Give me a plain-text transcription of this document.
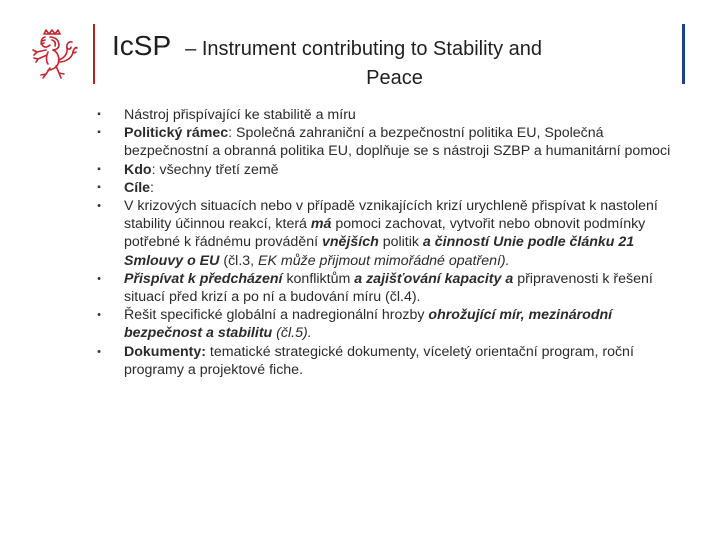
IcSP – Instrument contributing to Stability and
Peace
▪
Nástroj přispívající ke stabilitě a míru
▪
Politický rámec: Společná zahraniční a bezpečnostní politika EU, Společná bezpečnostní a obranná politika EU, doplňuje se s nástroji SZBP a humanitární pomoci
▪
Kdo: všechny třetí země
▪
Cíle:
•
V krizových situacích nebo v případě vznikajících krizí urychleně přispívat k nastolení stability účinnou reakcí, která má pomoci zachovat, vytvořit nebo obnovit podmínky potřebné k řádnému provádění vnějších politik a činností Unie podle článku 21 Smlouvy o EU (čl.3, EK může přijmout mimořádné opatření).
•
Přispívat k předcházení konfliktům a zajišťování kapacity a připravenosti k řešení situací před krizí a po ní a budování míru (čl.4).
•
Řešit specifické globální a nadregionální hrozby ohrožující mír, mezinárodní bezpečnost a stabilitu (čl.5).
•
Dokumenty: tematické strategické dokumenty, víceletý orientační program, roční programy a projektové fiche.
